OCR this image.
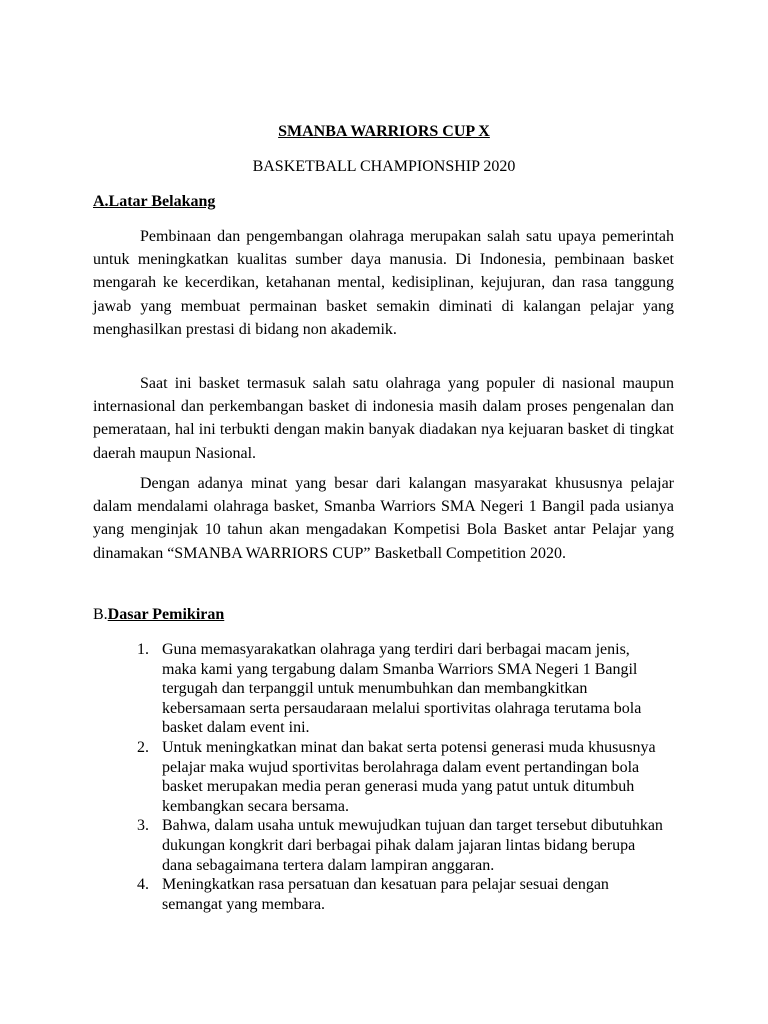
SMANBA WARRIORS CUP X

BASKETBALL CHAMPIONSHIP 2020

A.Latar Belakang

Pembinaan dan pengembangan olahraga merupakan salah satu upaya pemerintah untuk meningkatkan kualitas sumber daya manusia. Di Indonesia, pembinaan basket mengarah ke kecerdikan, ketahanan mental, kedisiplinan, kejujuran, dan rasa tanggung jawab yang membuat permainan basket semakin diminati di kalangan pelajar yang menghasilkan prestasi di bidang non akademik.

Saat ini basket termasuk salah satu olahraga yang populer di nasional maupun internasional dan perkembangan basket di indonesia masih dalam proses pengenalan dan pemerataan, hal ini terbukti dengan makin banyak diadakan nya kejuaran basket di tingkat daerah maupun Nasional.

Dengan adanya minat yang besar dari kalangan masyarakat khususnya pelajar dalam mendalami olahraga basket, Smanba Warriors SMA Negeri 1 Bangil pada usianya yang menginjak 10 tahun akan mengadakan Kompetisi Bola Basket antar Pelajar yang dinamakan “SMANBA WARRIORS CUP” Basketball Competition 2020.

B.Dasar Pemikiran

1. Guna memasyarakatkan olahraga yang terdiri dari berbagai macam jenis, maka kami yang tergabung dalam Smanba Warriors SMA Negeri 1 Bangil tergugah dan terpanggil untuk menumbuhkan dan membangkitkan kebersamaan serta persaudaraan melalui sportivitas olahraga terutama bola basket dalam event ini.
2. Untuk meningkatkan minat dan bakat serta potensi generasi muda khususnya pelajar maka wujud sportivitas berolahraga dalam event pertandingan bola basket merupakan media peran generasi muda yang patut untuk ditumbuh kembangkan secara bersama.
3. Bahwa, dalam usaha untuk mewujudkan tujuan dan target tersebut dibutuhkan dukungan kongkrit dari berbagai pihak dalam jajaran lintas bidang berupa dana sebagaimana tertera dalam lampiran anggaran.
4. Meningkatkan rasa persatuan dan kesatuan para pelajar sesuai dengan semangat yang membara.
